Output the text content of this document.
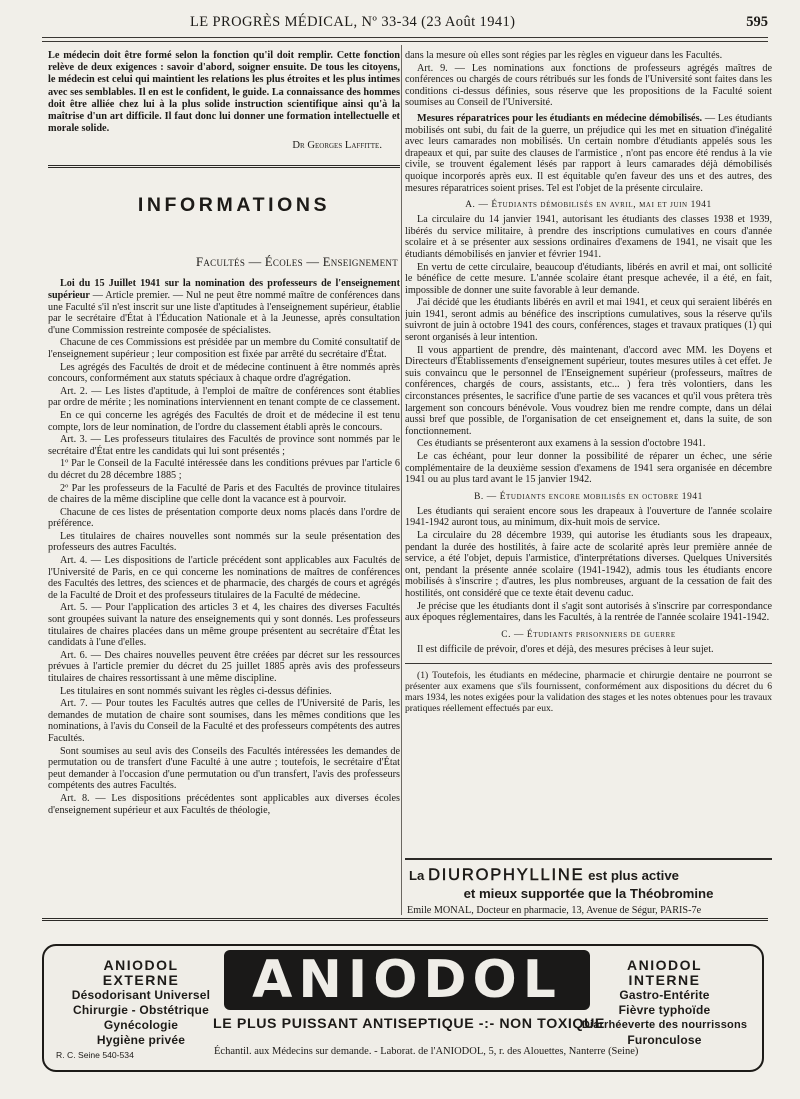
LE PROGRÈS MÉDICAL, Nº 33-34 (23 Août 1941)	595

Le médecin doit être formé selon la fonction qu'il doit remplir. Cette fonction relève de deux exigences : savoir d'abord, soigner ensuite. De tous les citoyens, le médecin est celui qui maintient les relations les plus étroites et les plus intimes avec ses semblables. Il en est le confident, le guide. La connaissance des hommes doit être alliée chez lui à la plus solide instruction scientifique ainsi qu'à la maîtrise d'un art difficile. Il faut donc lui donner une formation intellectuelle et morale solide.

Dr Georges Laffitte.
INFORMATIONS
Facultés — Écoles — Enseignement

Loi du 15 Juillet 1941 sur la nomination des professeurs de l'enseignement supérieur — Article premier. — Nul ne peut être nommé maître de conférences dans une Faculté s'il n'est inscrit sur une liste d'aptitudes à l'enseignement supérieur, établie par le secrétaire d'État à l'Éducation Nationale et à la Jeunesse, après consultation d'une Commission restreinte composée de spécialistes.

Chacune de ces Commissions est présidée par un membre du Comité consultatif de l'enseignement supérieur ; leur composition est fixée par arrêté du secrétaire d'État.

Les agrégés des Facultés de droit et de médecine continuent à être nommés après concours, conformément aux statuts spéciaux à chaque ordre d'agrégation.

Art. 2. — Les listes d'aptitude, à l'emploi de maître de conférences sont établies par ordre de mérite ; les nominations interviennent en tenant compte de ce classement.

En ce qui concerne les agrégés des Facultés de droit et de médecine il est tenu compte, lors de leur nomination, de l'ordre du classement établi après le concours.

Art. 3. — Les professeurs titulaires des Facultés de province sont nommés par le secrétaire d'État entre les candidats qui lui sont présentés ;

1º Par le Conseil de la Faculté intéressée dans les conditions prévues par l'article 6 du décret du 28 décembre 1885 ;

2º Par les professeurs de la Faculté de Paris et des Facultés de province titulaires de chaires de la même discipline que celle dont la vacance est à pourvoir.

Chacune de ces listes de présentation comporte deux noms placés dans l'ordre de préférence.

Les titulaires de chaires nouvelles sont nommés sur la seule présentation des professeurs des autres Facultés.

Art. 4. — Les dispositions de l'article précédent sont applicables aux Facultés de l'Université de Paris, en ce qui concerne les nominations de maîtres de conférences des Facultés des lettres, des sciences et de pharmacie, des chargés de cours et agrégés de la Faculté de Droit et des professeurs titulaires de la Faculté de médecine.

Art. 5. — Pour l'application des articles 3 et 4, les chaires des diverses Facultés sont groupées suivant la nature des enseignements qui y sont donnés. Les professeurs titulaires de chaires placées dans un même groupe présentent au secrétaire d'État les candidats à l'une d'elles.

Art. 6. — Des chaires nouvelles peuvent être créées par décret sur les ressources prévues à l'article premier du décret du 25 juillet 1885 après avis des professeurs titulaires de chaires ressortissant à une même discipline.

Les titulaires en sont nommés suivant les règles ci-dessus définies.

Art. 7. — Pour toutes les Facultés autres que celles de l'Université de Paris, les demandes de mutation de chaire sont soumises, dans les mêmes conditions que les nominations, à l'avis du Conseil de la Faculté et des professeurs compétents des autres Facultés.

Sont soumises au seul avis des Conseils des Facultés intéressées les demandes de permutation ou de transfert d'une Faculté à une autre ; toutefois, le secrétaire d'État peut demander à l'occasion d'une permutation ou d'un transfert, l'avis des professeurs compétents des autres Facultés.

Art. 8. — Les dispositions précédentes sont applicables aux diverses écoles d'enseignement supérieur et aux Facultés de théologie,

dans la mesure où elles sont régies par les règles en vigueur dans les Facultés.

Art. 9. — Les nominations aux fonctions de professeurs agrégés maîtres de conférences ou chargés de cours rétribués sur les fonds de l'Université sont faites dans les conditions ci-dessus définies, sous réserve que les propositions de la Faculté soient soumises au Conseil de l'Université.

Mesures réparatrices pour les étudiants en médecine démobilisés. — Les étudiants mobilisés ont subi, du fait de la guerre, un préjudice qui les met en situation d'inégalité avec leurs camarades non mobilisés. Un certain nombre d'étudiants appelés sous les drapeaux et qui, par suite des clauses de l'armistice , n'ont pas encore été rendus à la vie civile, se trouvent également lésés par rapport à leurs camarades déjà démobilisés quoique incorporés après eux. Il est équitable qu'en faveur des uns et des autres, des mesures réparatrices soient prises. Tel est l'objet de la présente circulaire.

A. — Étudiants démobilisés en avril, mai et juin 1941

La circulaire du 14 janvier 1941, autorisant les étudiants des classes 1938 et 1939, libérés du service militaire, à prendre des inscriptions cumulatives en cours d'année scolaire et à se présenter aux sessions ordinaires d'examens de 1941, ne visait que les étudiants démobilisés en janvier et février 1941.

En vertu de cette circulaire, beaucoup d'étudiants, libérés en avril et mai, ont sollicité le bénéfice de cette mesure. L'année scolaire étant presque achevée, il a été, en fait, impossible de donner une suite favorable à leur demande.

J'ai décidé que les étudiants libérés en avril et mai 1941, et ceux qui seraient libérés en juin 1941, seront admis au bénéfice des inscriptions cumulatives, sous la réserve qu'ils suivront de juin à octobre 1941 des cours, conférences, stages et travaux pratiques (1) qui seront organisés à leur intention.

Il vous appartient de prendre, dès maintenant, d'accord avec MM. les Doyens et Directeurs d'Établissements d'enseignement supérieur, toutes mesures utiles à cet effet. Je suis convaincu que le personnel de l'Enseignement supérieur (professeurs, maîtres de conférences, chargés de cours, assistants, etc... ) fera très volontiers, dans les circonstances présentes, le sacrifice d'une partie de ses vacances et qu'il vous prêtera très largement son concours bénévole. Vous voudrez bien me rendre compte, dans un délai aussi bref que possible, de l'organisation de cet enseignement et, dans la suite, de son fonctionnement.

Ces étudiants se présenteront aux examens à la session d'octobre 1941.

Le cas échéant, pour leur donner la possibilité de réparer un échec, une série complémentaire de la deuxième session d'examens de 1941 sera organisée en décembre 1941 ou au plus tard avant le 15 janvier 1942.

B. — Étudiants encore mobilisés en octobre 1941

Les étudiants qui seraient encore sous les drapeaux à l'ouverture de l'année scolaire 1941-1942 auront tous, au minimum, dix-huit mois de service.

La circulaire du 28 décembre 1939, qui autorise les étudiants sous les drapeaux, pendant la durée des hostilités, à faire acte de scolarité après leur première année de service, a été l'objet, depuis l'armistice, d'interprétations diverses. Quelques Universités ont, pendant la présente année scolaire (1941-1942), admis tous les étudiants encore mobilisés à s'inscrire ; d'autres, les plus nombreuses, arguant de la cessation de fait des hostilités, ont considéré que ce texte était devenu caduc.

Je précise que les étudiants dont il s'agit sont autorisés à s'inscrire par correspondance aux époques réglementaires, dans les Facultés, à la rentrée de l'année scolaire 1941-1942.

C. — Étudiants prisonniers de guerre

Il est difficile de prévoir, d'ores et déjà, des mesures précises à leur sujet.

(1) Toutefois, les étudiants en médecine, pharmacie et chirurgie dentaire ne pourront se présenter aux examens que s'ils fournissent, conformément aux dispositions du décret du 6 mars 1934, les notes exigées pour la validation des stages et les notes obtenues pour les travaux pratiques réellement effectués par eux.

La DIUROPHYLLINE est plus active
et mieux supportée que la Théobromine
Emile MONAL, Docteur en pharmacie, 13, Avenue de Ségur, PARIS-7e
ANIODOL
EXTERNE
Désodorisant Universel
Chirurgie - Obstétrique
Gynécologie
Hygiène privée
ANIODOL
LE PLUS PUISSANT ANTISEPTIQUE -:- NON TOXIQUE
ANIODOL
INTERNE
Gastro-Entérite
Fièvre typhoïde
Diarrhéeverte des nourrissons
Furonculose
Échantil. aux Médecins sur demande. - Laborat. de l'ANIODOL, 5, r. des Alouettes, Nanterre (Seine)
R. C. Seine 540-534
